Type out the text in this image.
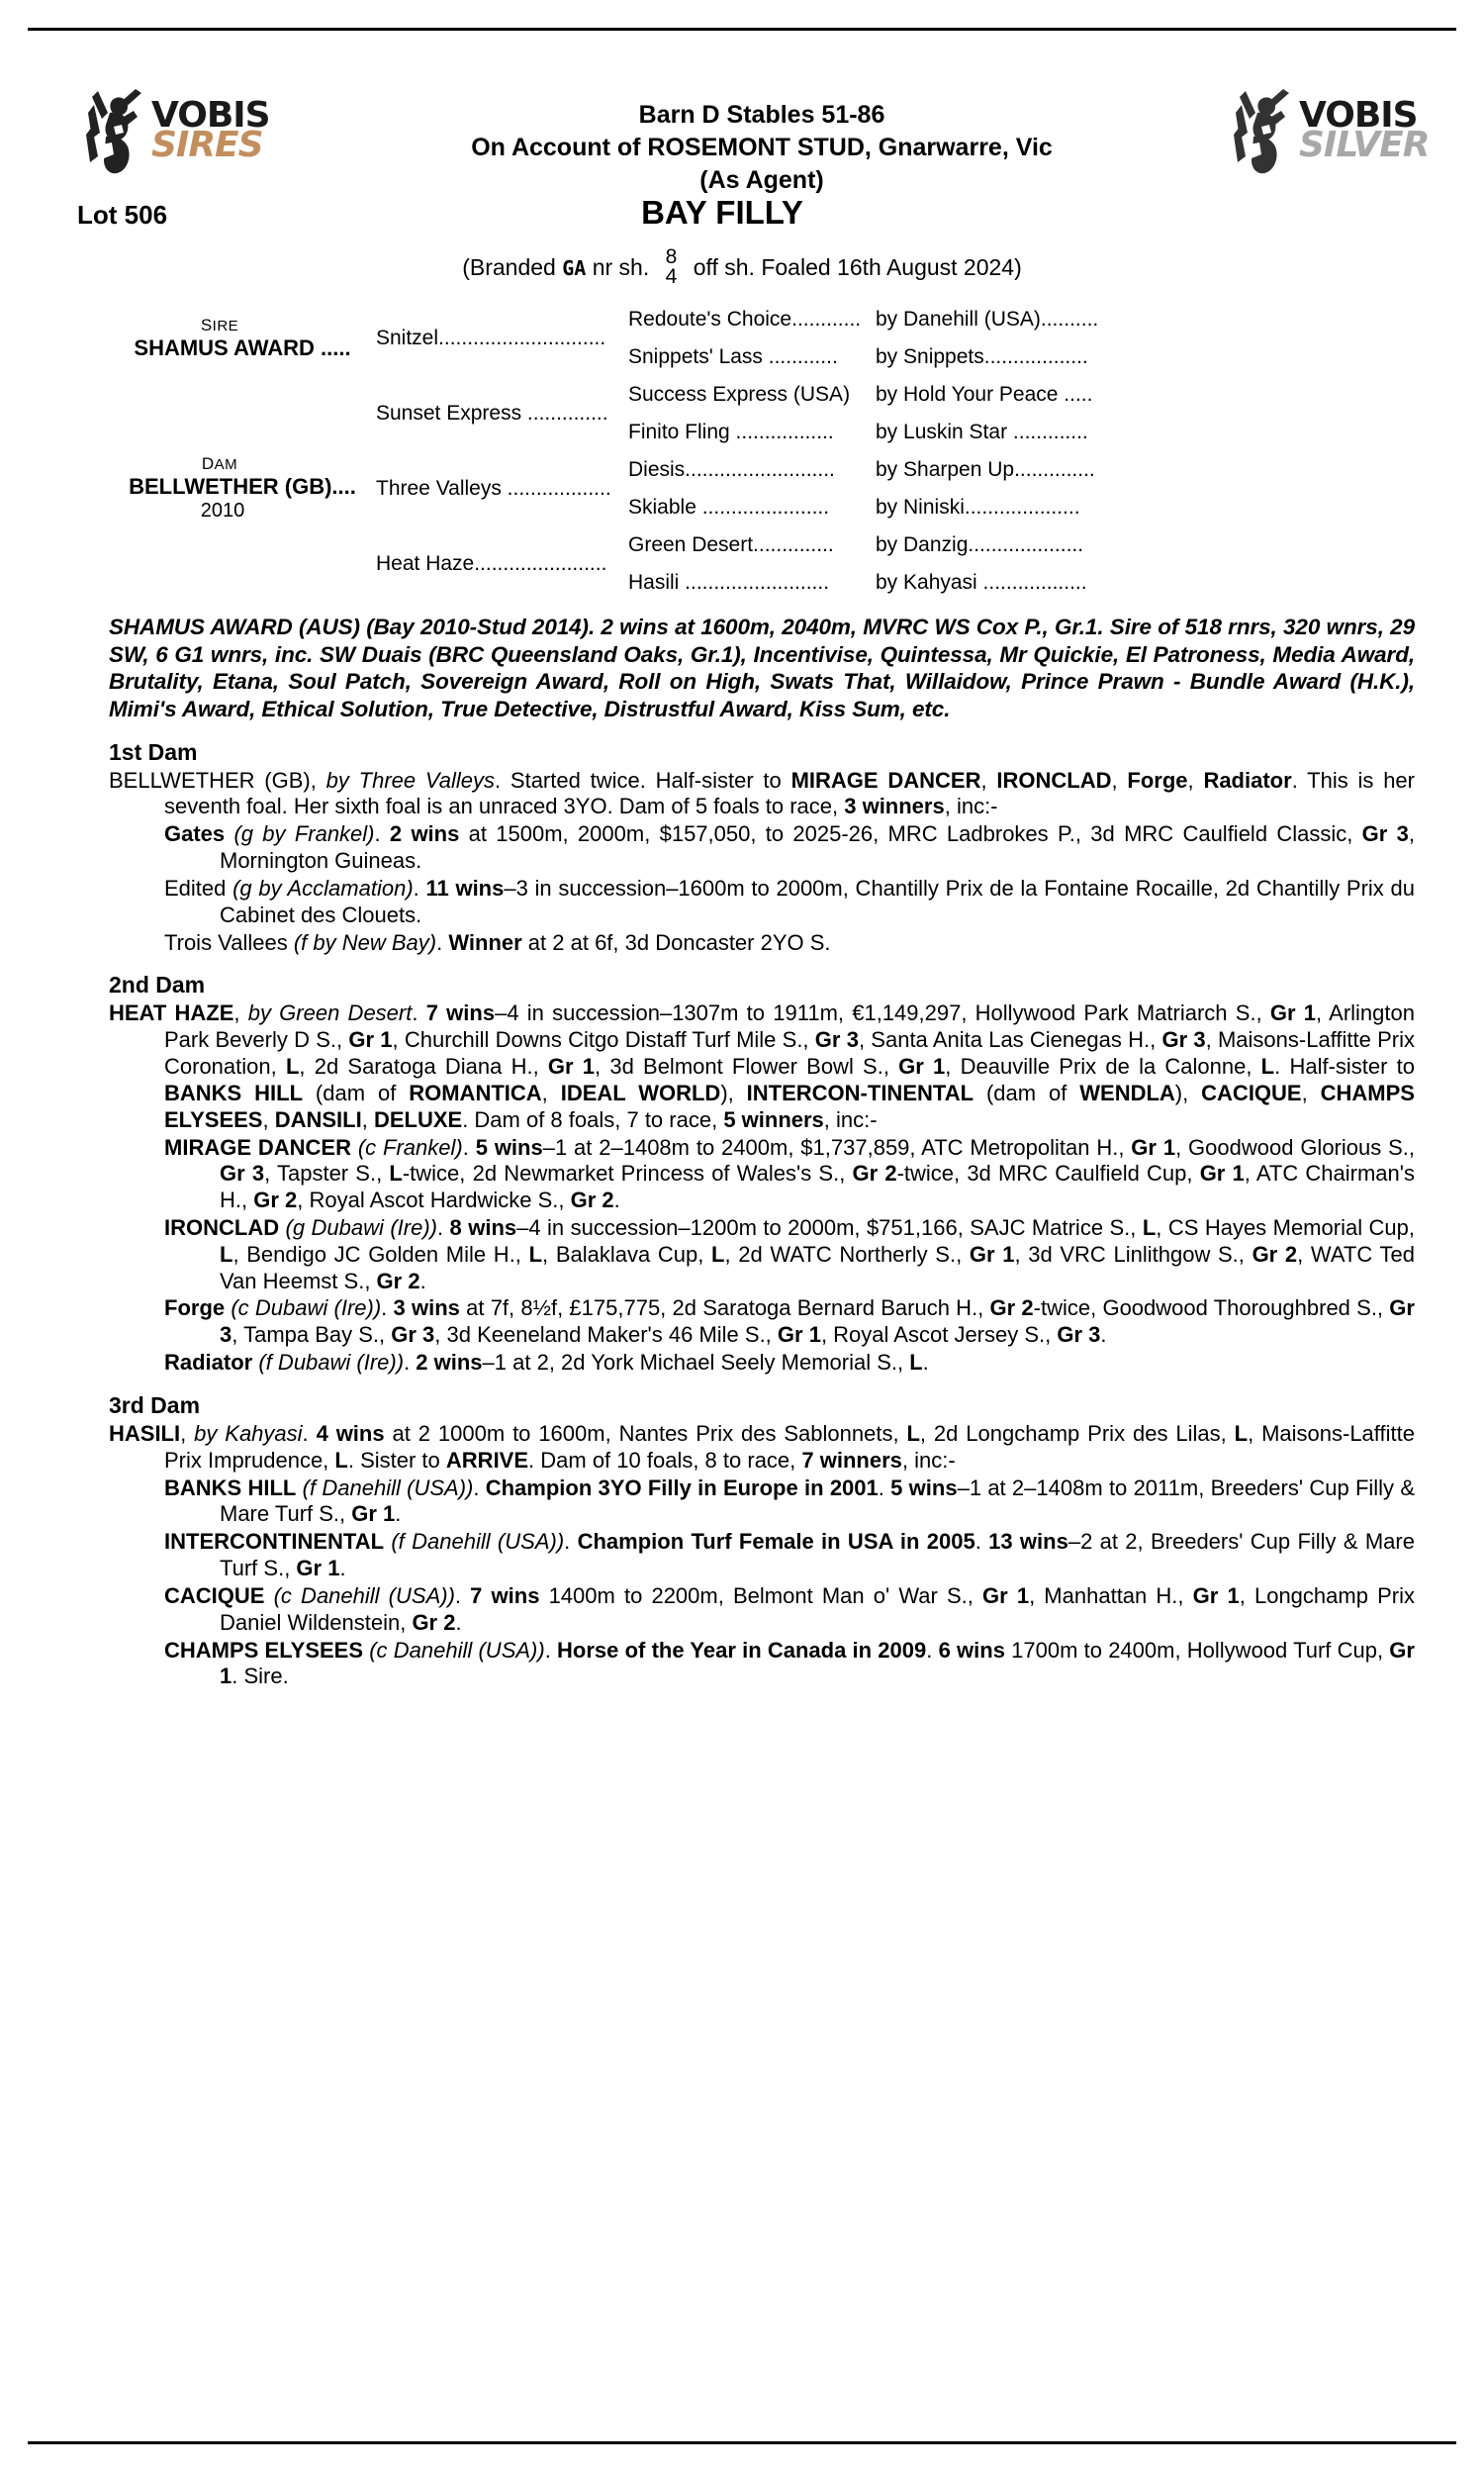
VOBIS
SIRES
VOBIS
SILVER
Barn D Stables 51-86
On Account of ROSEMONT STUD, Gnarwarre, Vic
(As Agent)
Lot 506	BAY FILLY
(Branded GA nr sh. 8
4 off sh. Foaled 16th August 2024)
SIRE
SHAMUS AWARD .....	Snitzel.............................	Redoute's Choice............	by Danehill (USA)..........
		Snippets' Lass ............	by Snippets..................
	Sunset Express ..............	Success Express (USA)	by Hold Your Peace .....
		Finito Fling .................	by Luskin Star .............

DAM
BELLWETHER (GB)....
2010	Three Valleys ..................	Diesis..........................	by Sharpen Up..............
		Skiable ......................	by Niniski....................
	Heat Haze.......................	Green Desert..............	by Danzig....................
		Hasili .........................	by Kahyasi ..................
SHAMUS AWARD (AUS) (Bay 2010-Stud 2014). 2 wins at 1600m, 2040m, MVRC WS Cox P., Gr.1. Sire of 518 rnrs, 320 wnrs, 29 SW, 6 G1 wnrs, inc. SW Duais (BRC Queensland Oaks, Gr.1), Incentivise, Quintessa, Mr Quickie, El Patroness, Media Award, Brutality, Etana, Soul Patch, Sovereign Award, Roll on High, Swats That, Willaidow, Prince Prawn - Bundle Award (H.K.), Mimi's Award, Ethical Solution, True Detective, Distrustful Award, Kiss Sum, etc.
1st Dam
BELLWETHER (GB), by Three Valleys. Started twice. Half-sister to MIRAGE DANCER, IRONCLAD, Forge, Radiator. This is her seventh foal. Her sixth foal is an unraced 3YO. Dam of 5 foals to race, 3 winners, inc:-
Gates (g by Frankel). 2 wins at 1500m, 2000m, $157,050, to 2025-26, MRC Ladbrokes P., 3d MRC Caulfield Classic, Gr 3, Mornington Guineas.
Edited (g by Acclamation). 11 wins–3 in succession–1600m to 2000m, Chantilly Prix de la Fontaine Rocaille, 2d Chantilly Prix du Cabinet des Clouets.
Trois Vallees (f by New Bay). Winner at 2 at 6f, 3d Doncaster 2YO S.
2nd Dam
HEAT HAZE, by Green Desert. 7 wins–4 in succession–1307m to 1911m, €1,149,297, Hollywood Park Matriarch S., Gr 1, Arlington Park Beverly D S., Gr 1, Churchill Downs Citgo Distaff Turf Mile S., Gr 3, Santa Anita Las Cienegas H., Gr 3, Maisons-Laffitte Prix Coronation, L, 2d Saratoga Diana H., Gr 1, 3d Belmont Flower Bowl S., Gr 1, Deauville Prix de la Calonne, L. Half-sister to BANKS HILL (dam of ROMANTICA, IDEAL WORLD), INTERCON-TINENTAL (dam of WENDLA), CACIQUE, CHAMPS ELYSEES, DANSILI, DELUXE. Dam of 8 foals, 7 to race, 5 winners, inc:-
MIRAGE DANCER (c Frankel). 5 wins–1 at 2–1408m to 2400m, $1,737,859, ATC Metropolitan H., Gr 1, Goodwood Glorious S., Gr 3, Tapster S., L-twice, 2d Newmarket Princess of Wales's S., Gr 2-twice, 3d MRC Caulfield Cup, Gr 1, ATC Chairman's H., Gr 2, Royal Ascot Hardwicke S., Gr 2.
IRONCLAD (g Dubawi (Ire)). 8 wins–4 in succession–1200m to 2000m, $751,166, SAJC Matrice S., L, CS Hayes Memorial Cup, L, Bendigo JC Golden Mile H., L, Balaklava Cup, L, 2d WATC Northerly S., Gr 1, 3d VRC Linlithgow S., Gr 2, WATC Ted Van Heemst S., Gr 2.
Forge (c Dubawi (Ire)). 3 wins at 7f, 8½f, £175,775, 2d Saratoga Bernard Baruch H., Gr 2-twice, Goodwood Thoroughbred S., Gr 3, Tampa Bay S., Gr 3, 3d Keeneland Maker's 46 Mile S., Gr 1, Royal Ascot Jersey S., Gr 3.
Radiator (f Dubawi (Ire)). 2 wins–1 at 2, 2d York Michael Seely Memorial S., L.
3rd Dam
HASILI, by Kahyasi. 4 wins at 2 1000m to 1600m, Nantes Prix des Sablonnets, L, 2d Longchamp Prix des Lilas, L, Maisons-Laffitte Prix Imprudence, L. Sister to ARRIVE. Dam of 10 foals, 8 to race, 7 winners, inc:-
BANKS HILL (f Danehill (USA)). Champion 3YO Filly in Europe in 2001. 5 wins–1 at 2–1408m to 2011m, Breeders' Cup Filly & Mare Turf S., Gr 1.
INTERCONTINENTAL (f Danehill (USA)). Champion Turf Female in USA in 2005. 13 wins–2 at 2, Breeders' Cup Filly & Mare Turf S., Gr 1.
CACIQUE (c Danehill (USA)). 7 wins 1400m to 2200m, Belmont Man o' War S., Gr 1, Manhattan H., Gr 1, Longchamp Prix Daniel Wildenstein, Gr 2.
CHAMPS ELYSEES (c Danehill (USA)). Horse of the Year in Canada in 2009. 6 wins 1700m to 2400m, Hollywood Turf Cup, Gr 1. Sire.
